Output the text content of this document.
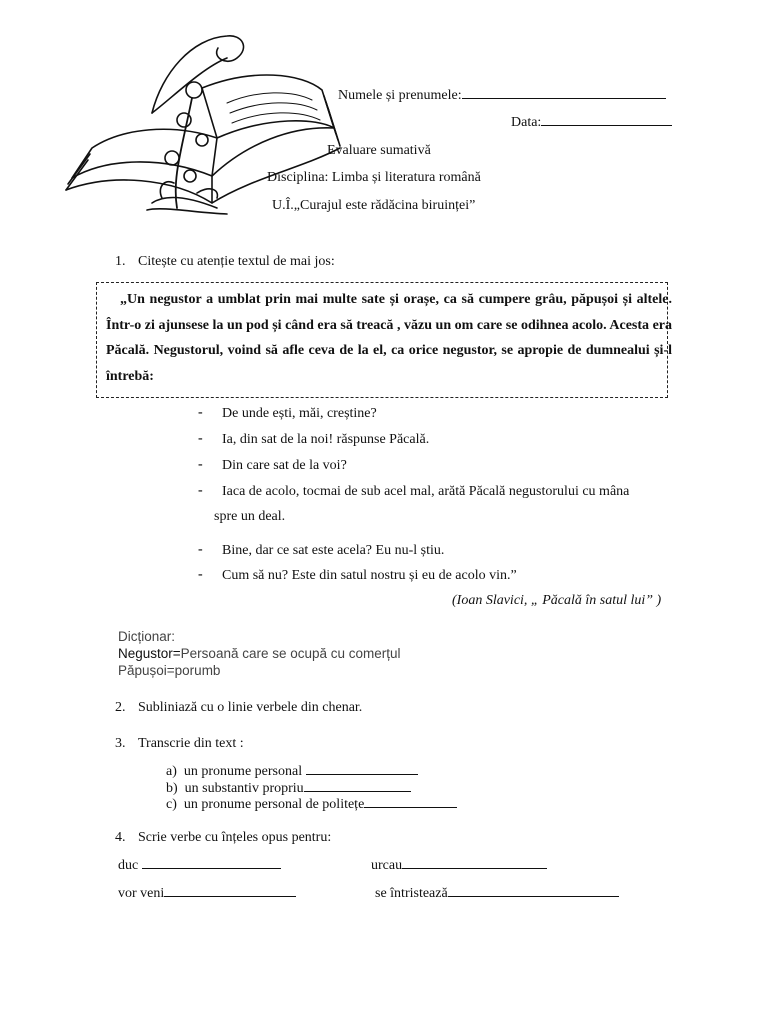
Numele și prenumele:
Data:
Evaluare sumativă
Disciplina: Limba și literatura română
U.Î.„Curajul este rădăcina biruinței”
1. Citește cu atenție textul de mai jos:
„Un negustor a umblat prin mai multe sate și orașe, ca să cumpere grâu, păpușoi și altele. Într-o zi ajunsese la un pod și când era să treacă , văzu un om care se odihnea acolo. Acesta era Păcală. Negustorul, voind să afle ceva de la el, ca orice negustor, se apropie de dumnealui și-l întrebă:
- De unde ești, măi, creștine?
- Ia, din sat de la noi! răspunse Păcală.
- Din care sat de la voi?
- Iaca de acolo, tocmai de sub acel mal, arătă Păcală negustorului cu mâna
spre un deal.
- Bine, dar ce sat este acela? Eu nu-l știu.
- Cum să nu? Este din satul nostru și eu de acolo vin.”
(Ioan Slavici, „ Păcală în satul lui” )
Dicționar:
Negustor=Persoană care se ocupă cu comerțul
Păpușoi=porumb
2. Subliniază cu o linie verbele din chenar.
3. Transcrie din text :
a) un pronume personal
b) un substantiv propriu
c) un pronume personal de politețe
4. Scrie verbe cu înțeles opus pentru:
duc	urcau
vor veni	se întristează
